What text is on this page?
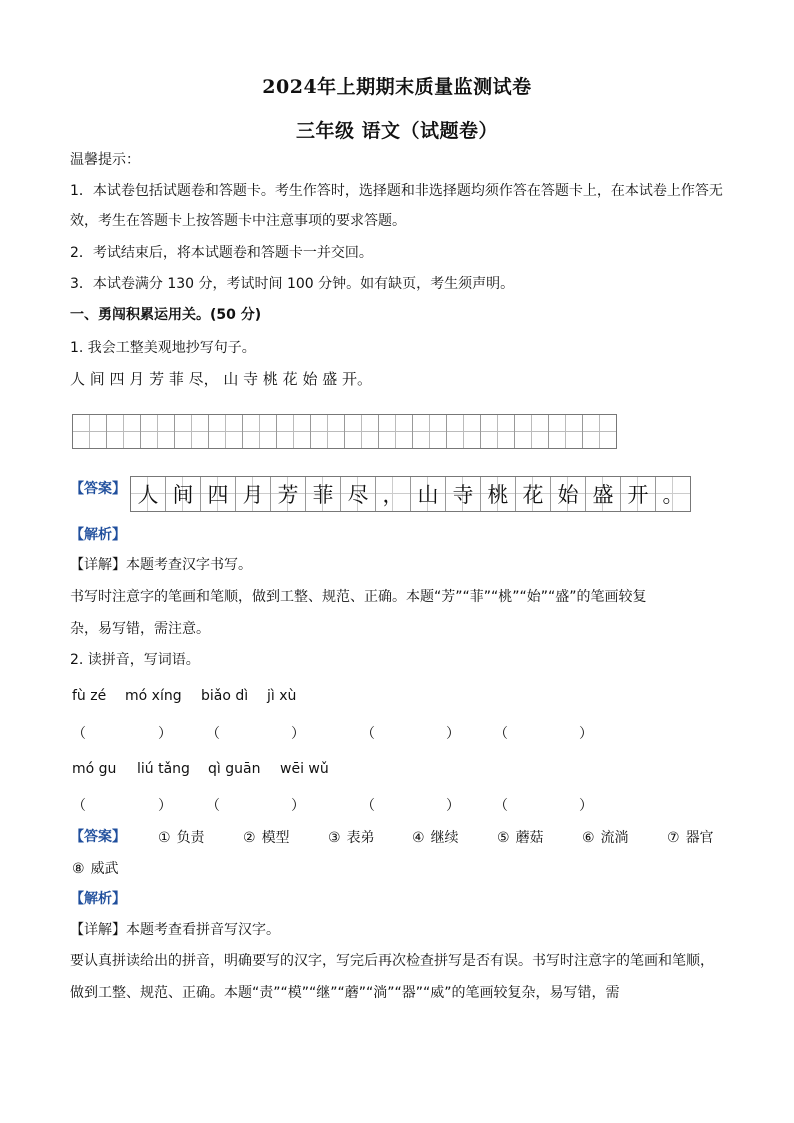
2024年上期期末质量监测试卷
三年级 语文（试题卷）
温馨提示：
1．本试卷包括试题卷和答题卡。考生作答时，选择题和非选择题均须作答在答题卡上，在本试卷上作答无
效，考生在答题卡上按答题卡中注意事项的要求答题。
2．考试结束后，将本试题卷和答题卡一并交回。
3．本试卷满分 130 分，考试时间 100 分钟。如有缺页，考生须声明。
一、勇闯积累运用关。(50 分)
1. 我会工整美观地抄写句子。
人 间 四 月 芳 菲 尽， 山 寺 桃 花 始 盛 开。
【答案】 人 间 四 月 芳 菲 尽 ， 山 寺 桃 花 始 盛 开 。
【解析】
【详解】本题考查汉字书写。
书写时注意字的笔画和笔顺，做到工整、规范、正确。本题“芳”“菲”“桃”“始”“盛”的笔画较复
杂，易写错，需注意。
2. 读拼音，写词语。
fù zé mó xíng biǎo dì jì xù
（	） （	）	（	） （	）
mó gu liú tǎng qì guān wēi wǔ
（	） （	）	（	） （	）
【答案】 ① 负责	② 模型	③ 表弟	④ 继续	⑤ 蘑菇	⑥ 流淌	⑦ 器官
⑧ 威武
【解析】
【详解】本题考查看拼音写汉字。
要认真拼读给出的拼音，明确要写的汉字，写完后再次检查拼写是否有误。书写时注意字的笔画和笔顺，
做到工整、规范、正确。本题“责”“模”“继”“蘑”“淌”“器”“威”的笔画较复杂，易写错，需
